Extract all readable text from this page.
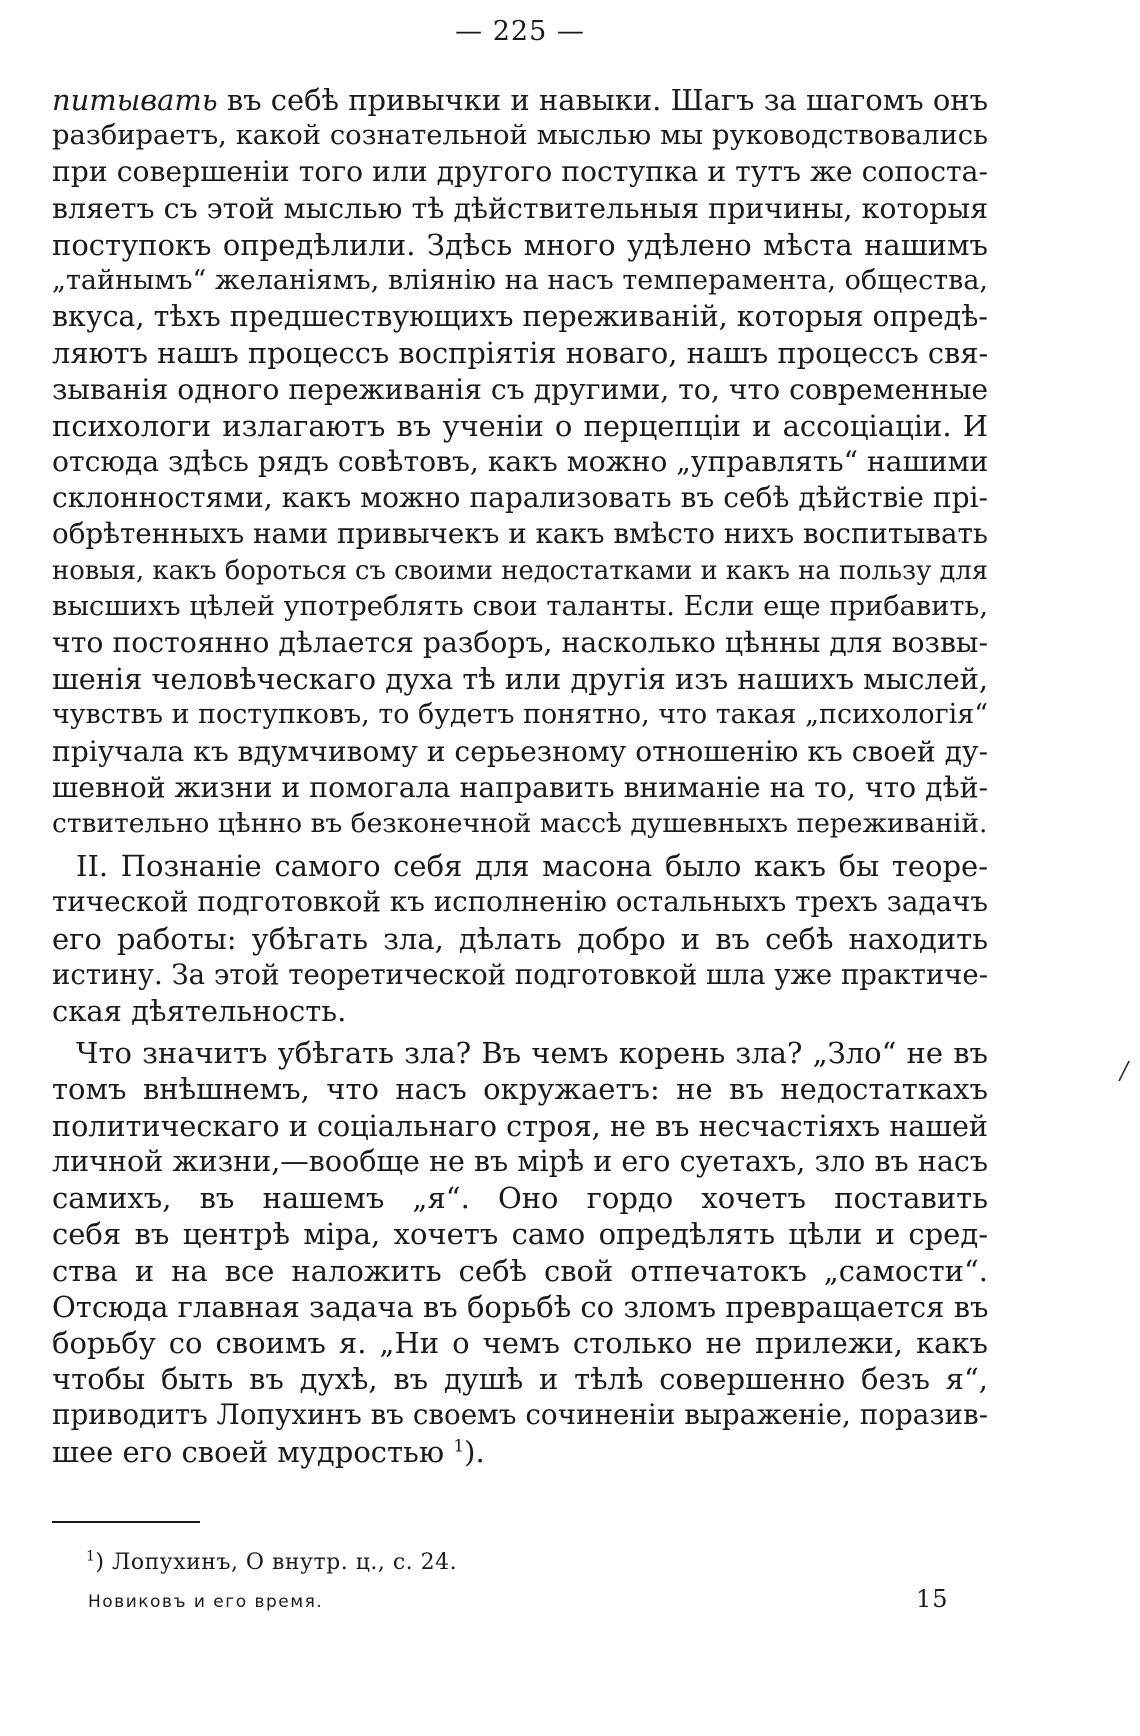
— 225 —
/
питывать въ себѣ привычки и навыки. Шагъ за шагомъ онъ
разбираетъ, какой сознательной мыслью мы руководствовались
при совершеніи того или другого поступка и тутъ же сопоста-
вляетъ съ этой мыслью тѣ дѣйствительныя причины, которыя
поступокъ опредѣлили. Здѣсь много удѣлено мѣста нашимъ
„тайнымъ“ желаніямъ, вліянію на насъ темперамента, общества,
вкуса, тѣхъ предшествующихъ переживаній, которыя опредѣ-
ляютъ нашъ процессъ воспріятія новаго, нашъ процессъ свя-
зыванія одного переживанія съ другими, то, что современные
психологи излагаютъ въ ученіи о перцепціи и ассоціаціи. И
отсюда здѣсь рядъ совѣтовъ, какъ можно „управлять“ нашими
склонностями, какъ можно парализовать въ себѣ дѣйствіе прі-
обрѣтенныхъ нами привычекъ и какъ вмѣсто нихъ воспитывать
новыя, какъ бороться съ своими недостатками и какъ на пользу для
высшихъ цѣлей употреблять свои таланты. Если еще прибавить,
что постоянно дѣлается разборъ, насколько цѣнны для возвы-
шенія человѣческаго духа тѣ или другія изъ нашихъ мыслей,
чувствъ и поступковъ, то будетъ понятно, что такая „психологія“
пріучала къ вдумчивому и серьезному отношенію къ своей ду-
шевной жизни и помогала направить вниманіе на то, что дѣй-
ствительно цѣнно въ безконечной массѣ душевныхъ переживаній.
II. Познаніе самого себя для масона было какъ бы теоре-
тической подготовкой къ исполненію остальныхъ трехъ задачъ
его работы: убѣгать зла, дѣлать добро и въ себѣ находить
истину. За этой теоретической подготовкой шла уже практиче-
ская дѣятельность.
Что значитъ убѣгать зла? Въ чемъ корень зла? „Зло“ не въ
томъ внѣшнемъ, что насъ окружаетъ: не въ недостаткахъ
политическаго и соціальнаго строя, не въ несчастіяхъ нашей
личной жизни,—вообще не въ мірѣ и его суетахъ, зло въ насъ
самихъ, въ нашемъ „я“. Оно гордо хочетъ поставить
себя въ центрѣ міра, хочетъ само опредѣлять цѣли и сред-
ства и на все наложить себѣ свой отпечатокъ „самости“.
Отсюда главная задача въ борьбѣ со зломъ превращается въ
борьбу со своимъ я. „Ни о чемъ столько не прилежи, какъ
чтобы быть въ духѣ, въ душѣ и тѣлѣ совершенно безъ я“,
приводитъ Лопухинъ въ своемъ сочиненіи выраженіе, поразив-
шее его своей мудростью $^1$).
$^1$) Лопухинъ, О внутр. ц., с. 24.
Новиковъ и его время.	15
